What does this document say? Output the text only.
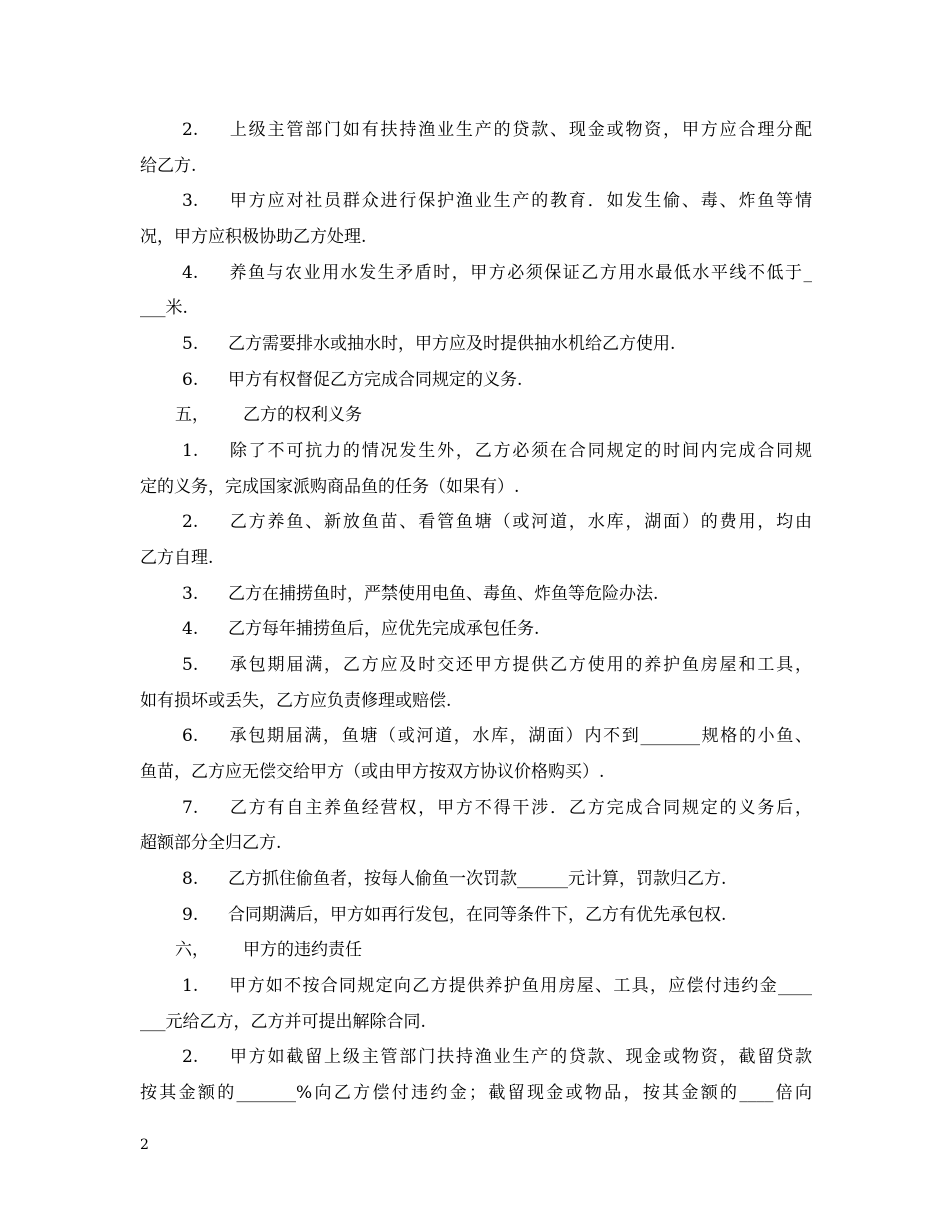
2. 上级主管部门如有扶持渔业生产的贷款、现金或物资，甲方应合理分配
给乙方.
3. 甲方应对社员群众进行保护渔业生产的教育．如发生偷、毒、炸鱼等情
况，甲方应积极协助乙方处理.
4. 养鱼与农业用水发生矛盾时，甲方必须保证乙方用水最低水平线不低于_
___米.
5. 乙方需要排水或抽水时，甲方应及时提供抽水机给乙方使用.
6. 甲方有权督促乙方完成合同规定的义务.
五， 乙方的权利义务
1. 除了不可抗力的情况发生外，乙方必须在合同规定的时间内完成合同规
定的义务，完成国家派购商品鱼的任务（如果有）.
2. 乙方养鱼、新放鱼苗、看管鱼塘（或河道，水库，湖面）的费用，均由
乙方自理.
3. 乙方在捕捞鱼时，严禁使用电鱼、毒鱼、炸鱼等危险办法.
4. 乙方每年捕捞鱼后，应优先完成承包任务.
5. 承包期届满，乙方应及时交还甲方提供乙方使用的养护鱼房屋和工具，
如有损坏或丢失，乙方应负责修理或赔偿.
6. 承包期届满，鱼塘（或河道，水库，湖面）内不到_______规格的小鱼、
鱼苗，乙方应无偿交给甲方（或由甲方按双方协议价格购买）.
7. 乙方有自主养鱼经营权，甲方不得干涉．乙方完成合同规定的义务后，
超额部分全归乙方.
8. 乙方抓住偷鱼者，按每人偷鱼一次罚款______元计算，罚款归乙方.
9. 合同期满后，甲方如再行发包，在同等条件下，乙方有优先承包权.
六， 甲方的违约责任
1. 甲方如不按合同规定向乙方提供养护鱼用房屋、工具，应偿付违约金____
___元给乙方，乙方并可提出解除合同.
2. 甲方如截留上级主管部门扶持渔业生产的贷款、现金或物资，截留贷款
按其金额的_______%向乙方偿付违约金；截留现金或物品，按其金额的____倍向
2
